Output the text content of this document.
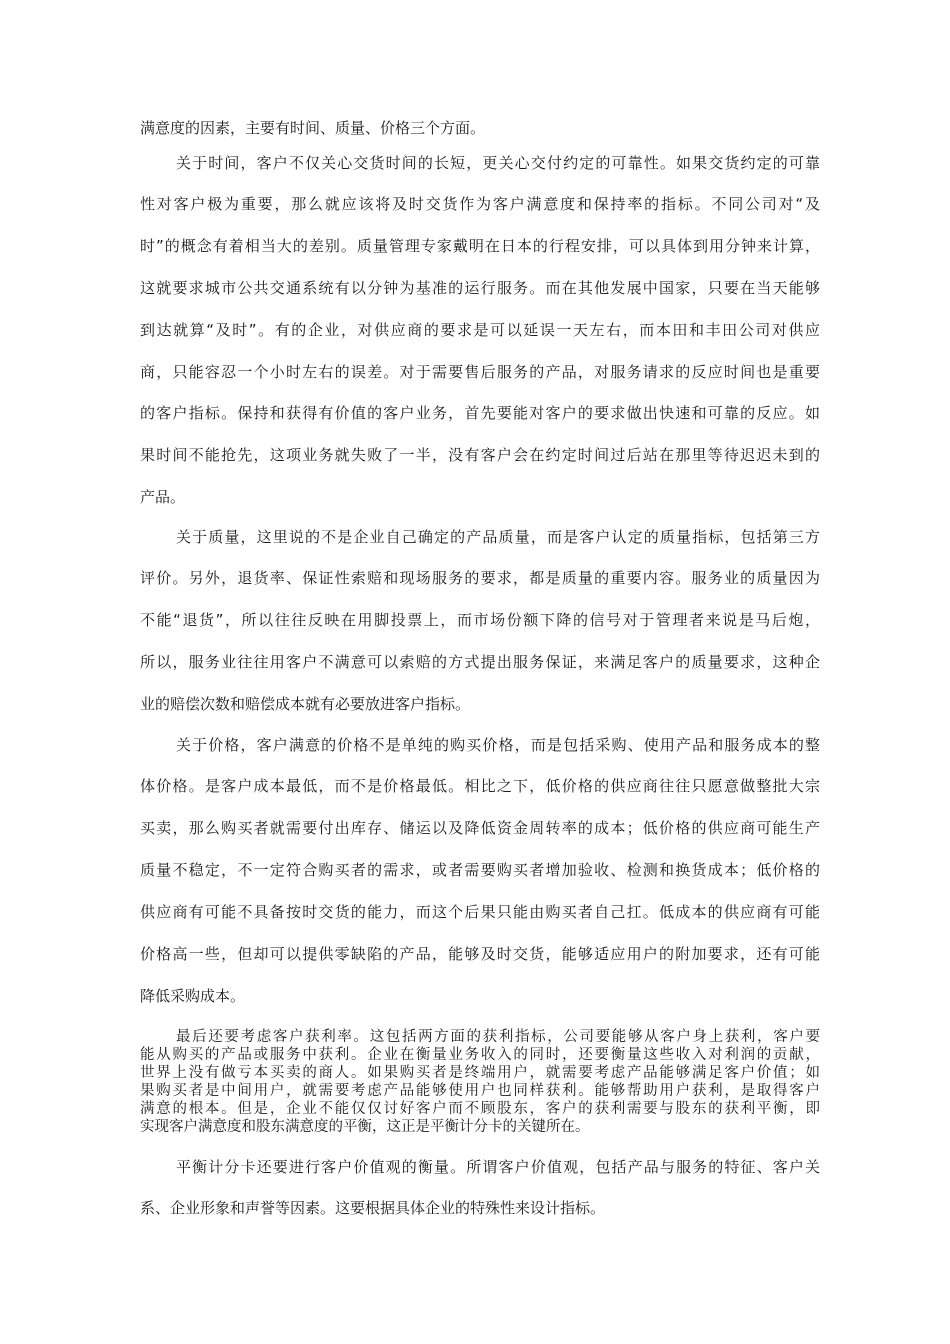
满意度的因素，主要有时间、质量、价格三个方面。
关于时间，客户不仅关心交货时间的长短，更关心交付约定的可靠性。如果交货约定的可靠
性对客户极为重要，那么就应该将及时交货作为客户满意度和保持率的指标。不同公司对“及
时”的概念有着相当大的差别。质量管理专家戴明在日本的行程安排，可以具体到用分钟来计算，
这就要求城市公共交通系统有以分钟为基准的运行服务。而在其他发展中国家，只要在当天能够
到达就算“及时”。有的企业，对供应商的要求是可以延误一天左右，而本田和丰田公司对供应
商，只能容忍一个小时左右的误差。对于需要售后服务的产品，对服务请求的反应时间也是重要
的客户指标。保持和获得有价值的客户业务，首先要能对客户的要求做出快速和可靠的反应。如
果时间不能抢先，这项业务就失败了一半，没有客户会在约定时间过后站在那里等待迟迟未到的
产品。
关于质量，这里说的不是企业自己确定的产品质量，而是客户认定的质量指标，包括第三方
评价。另外，退货率、保证性索赔和现场服务的要求，都是质量的重要内容。服务业的质量因为
不能“退货”，所以往往反映在用脚投票上，而市场份额下降的信号对于管理者来说是马后炮，
所以，服务业往往用客户不满意可以索赔的方式提出服务保证，来满足客户的质量要求，这种企
业的赔偿次数和赔偿成本就有必要放进客户指标。
关于价格，客户满意的价格不是单纯的购买价格，而是包括采购、使用产品和服务成本的整
体价格。是客户成本最低，而不是价格最低。相比之下，低价格的供应商往往只愿意做整批大宗
买卖，那么购买者就需要付出库存、储运以及降低资金周转率的成本；低价格的供应商可能生产
质量不稳定，不一定符合购买者的需求，或者需要购买者增加验收、检测和换货成本；低价格的
供应商有可能不具备按时交货的能力，而这个后果只能由购买者自己扛。低成本的供应商有可能
价格高一些，但却可以提供零缺陷的产品，能够及时交货，能够适应用户的附加要求，还有可能
降低采购成本。
最后还要考虑客户获利率。这包括两方面的获利指标，公司要能够从客户身上获利，客户要
能从购买的产品或服务中获利。企业在衡量业务收入的同时，还要衡量这些收入对利润的贡献，
世界上没有做亏本买卖的商人。如果购买者是终端用户，就需要考虑产品能够满足客户价值；如
果购买者是中间用户，就需要考虑产品能够使用户也同样获利。能够帮助用户获利，是取得客户
满意的根本。但是，企业不能仅仅讨好客户而不顾股东，客户的获利需要与股东的获利平衡，即
实现客户满意度和股东满意度的平衡，这正是平衡计分卡的关键所在。
平衡计分卡还要进行客户价值观的衡量。所谓客户价值观，包括产品与服务的特征、客户关
系、企业形象和声誉等因素。这要根据具体企业的特殊性来设计指标。
